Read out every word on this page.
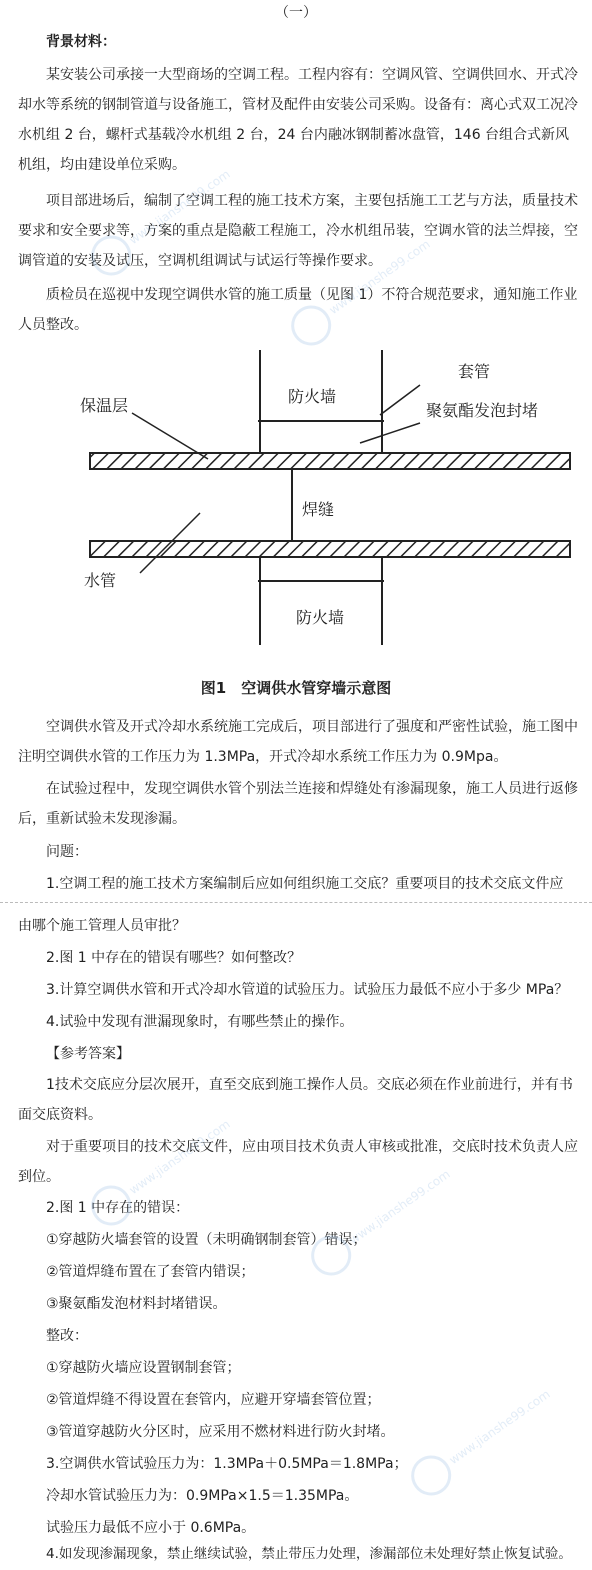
（一）
背景材料：

某安装公司承接一大型商场的空调工程。工程内容有：空调风管、空调供回水、开式冷却水等系统的钢制管道与设备施工，管材及配件由安装公司采购。设备有：离心式双工况冷水机组 2 台，螺杆式基载冷水机组 2 台，24 台内融冰钢制蓄冰盘管，146 台组合式新风机组，均由建设单位采购。

项目部进场后，编制了空调工程的施工技术方案，主要包括施工工艺与方法，质量技术要求和安全要求等，方案的重点是隐蔽工程施工，冷水机组吊装，空调水管的法兰焊接，空调管道的安装及试压，空调机组调试与试运行等操作要求。

质检员在巡视中发现空调供水管的施工质量（见图 1）不符合规范要求，通知施工作业人员整改。

保温层	防火墙
套管
聚氨酯发泡封堵
焊缝
水管
防火墙
图1　空调供水管穿墙示意图

空调供水管及开式冷却水系统施工完成后，项目部进行了强度和严密性试验，施工图中注明空调供水管的工作压力为 1.3MPa，开式冷却水系统工作压力为 0.9Mpa。

在试验过程中，发现空调供水管个别法兰连接和焊缝处有渗漏现象，施工人员进行返修后，重新试验未发现渗漏。

问题：
1.空调工程的施工技术方案编制后应如何组织施工交底？重要项目的技术交底文件应
由哪个施工管理人员审批？
2.图 1 中存在的错误有哪些？如何整改？
3.计算空调供水管和开式冷却水管道的试验压力。试验压力最低不应小于多少 MPa？
4.试验中发现有泄漏现象时，有哪些禁止的操作。
【参考答案】

1技术交底应分层次展开，直至交底到施工操作人员。交底必须在作业前进行，并有书面交底资料。

对于重要项目的技术交底文件，应由项目技术负责人审核或批准，交底时技术负责人应到位。

2.图 1 中存在的错误：
①穿越防火墙套管的设置（未明确钢制套管）错误；
②管道焊缝布置在了套管内错误；
③聚氨酯发泡材料封堵错误。
整改：
①穿越防火墙应设置钢制套管；
②管道焊缝不得设置在套管内，应避开穿墙套管位置；
③管道穿越防火分区时，应采用不燃材料进行防火封堵。
3.空调供水管试验压力为：1.3MPa＋0.5MPa＝1.8MPa；
冷却水管试验压力为：0.9MPa×1.5＝1.35MPa。
试验压力最低不应小于 0.6MPa。
4.如发现渗漏现象，禁止继续试验，禁止带压力处理，渗漏部位未处理好禁止恢复试验。
www.jianshe99.com
www.jianshe99.com
www.jianshe99.com
www.jianshe99.com
www.jianshe99.com
